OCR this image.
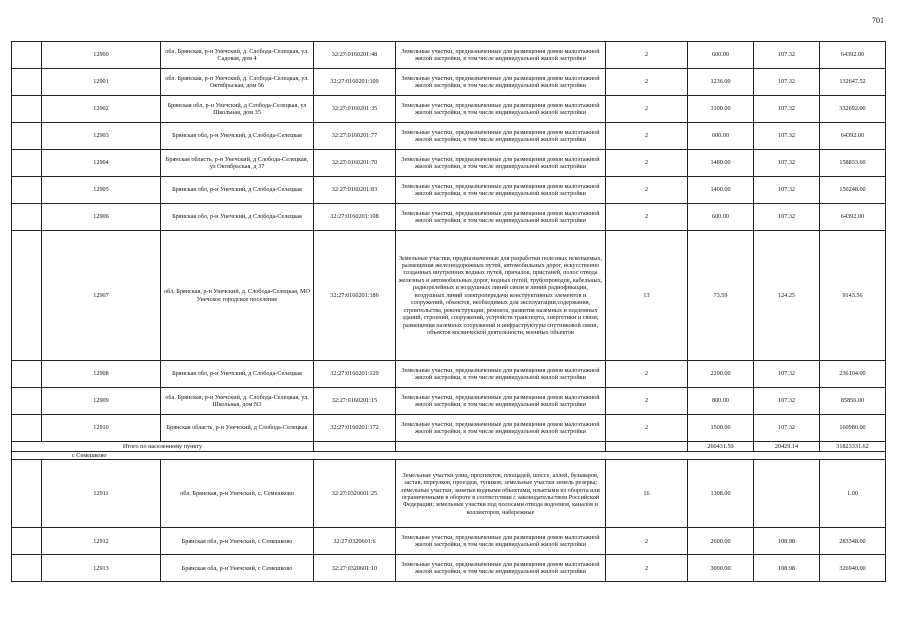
701
	12900	обл. Брянская, р-н Унечский, д. Слобода-Селецкая, ул. Садовая, дом 4	32:27:0160201:48	Земельные участки, предназначенные для размещения домов малоэтажной жилой застройки, в том числе индивидуальной жилой застройки	2	600.00	107.32	64392.00
	12901	обл. Брянская, р-н Унечский, д. Слобода-Селецкая, ул. Октябрьская, дом 56	32:27:0160201:109	Земельные участки, предназначенные для размещения домов малоэтажной жилой застройки, в том числе индивидуальной жилой застройки	2	1236.00	107.32	132647.52
	12902	Брянская обл, р-н Унечский, д Слобода-Селецкая, ул Школьная, дом 35	32:27:0160201:35	Земельные участки, предназначенные для размещения домов малоэтажной жилой застройки, в том числе индивидуальной жилой застройки	2	3100.00	107.32	332692.00
	12903	Брянская обл, р-н Унечский, д Слобода-Селецкая	32:27:0160201:77	Земельные участки, предназначенные для размещения домов малоэтажной жилой застройки, в том числе индивидуальной жилой застройки	2	600.00	107.32	64392.00
	12904	Брянская область, р-н Унечский, д Слобода-Селецкая, ул Октябрьская, д 37	32:27:0160201:70	Земельные участки, предназначенные для размещения домов малоэтажной жилой застройки, в том числе индивидуальной жилой застройки	2	1480.00	107.32	158833.60
	12905	Брянская обл, р-н Унечский, д Слобода-Селецкая	32:27:0160201:83	Земельные участки, предназначенные для размещения домов малоэтажной жилой застройки, в том числе индивидуальной жилой застройки	2	1400.00	107.32	150248.00
	12906	Брянская обл, р-н Унечский, д Слобода-Селецкая	32:27:0160201:108	Земельные участки, предназначенные для размещения домов малоэтажной жилой застройки, в том числе индивидуальной жилой застройки	2	600.00	107.32	64392.00
	12907	обл. Брянская, р-н Унечский, д. Слобода-Селецкая, МО Унечское городское поселение	32:27:0160201:186	Земельные участки, предназначенные для разработки полезных ископаемых, размещения железнодорожных путей, автомобильных дорог, искусственно созданных внутренних водных путей, причалов, пристаней, полос отвода железных и автомобильных дорог, водных путей, трубопроводов, кабельных, радиорелейных и воздушных линий связи и линий радиофикации, воздушных линий электропередачи конструктивных элементов и сооружений, объектов, необходимых для эксплуатации,содержания, строительства, реконструкции, ремонта, развития наземных и подземных зданий, строений, сооружений, устройств транспорта, энергетики и связи; размещения наземных сооружений и инфраструктуры спутниковой связи, объектов космической деятельности, военных объектов	13	73.59	124.25	9143.56
	12908	Брянская обл, р-н Унечский, д Слобода-Селецкая	32:27:0160201:129	Земельные участки, предназначенные для размещения домов малоэтажной жилой застройки, в том числе индивидуальной жилой застройки	2	2200.00	107.32	236104.00
	12909	обл. Брянская, р-н Унечский, д. Слобода-Селецкая, ул. Школьная, дом N3	32:27:0160201:15	Земельные участки, предназначенные для размещения домов малоэтажной жилой застройки, в том числе индивидуальной жилой застройки	2	800.00	107.32	85856.00
	12910	Брянская область, р-н Унечский, д Слобода-Селецкая	32:27:0160201:172	Земельные участки, предназначенные для размещения домов малоэтажной жилой застройки, в том числе индивидуальной жилой застройки	2	1500.00	107.32	160980.00
Итого по населенному пункту						260431.59	20429.14	31823331.62
с Семешково								
	12911	обл. Брянская, р-н Унечский, с. Семешково	32:27:0320601:25	Земельные участки улиц, проспектов, площадей, шоссе, аллей, бульваров, застав, переулков, проездов, тупиков; земельные участки земель резерва; земельные участки, занятые водными объектами, изъятыми из оборота или ограниченными в обороте в соответствии с законодательством Российской Федерации; земельные участки под полосами отвода водоемов, каналов и коллекторов, набережные	16	1308.00		1.00
	12912	Брянская обл, р-н Унечский, с Семешково	32:27:0320601:6	Земельные участки, предназначенные для размещения домов малоэтажной жилой застройки, в том числе индивидуальной жилой застройки	2	2600.00	108.98	283348.00
	12913	Брянская обл, р-н Унечский, с Семешково	32:27:0320601:10	Земельные участки, предназначенные для размещения домов малоэтажной жилой застройки, в том числе индивидуальной жилой застройки	2	3000.00	108.98	326940.00
